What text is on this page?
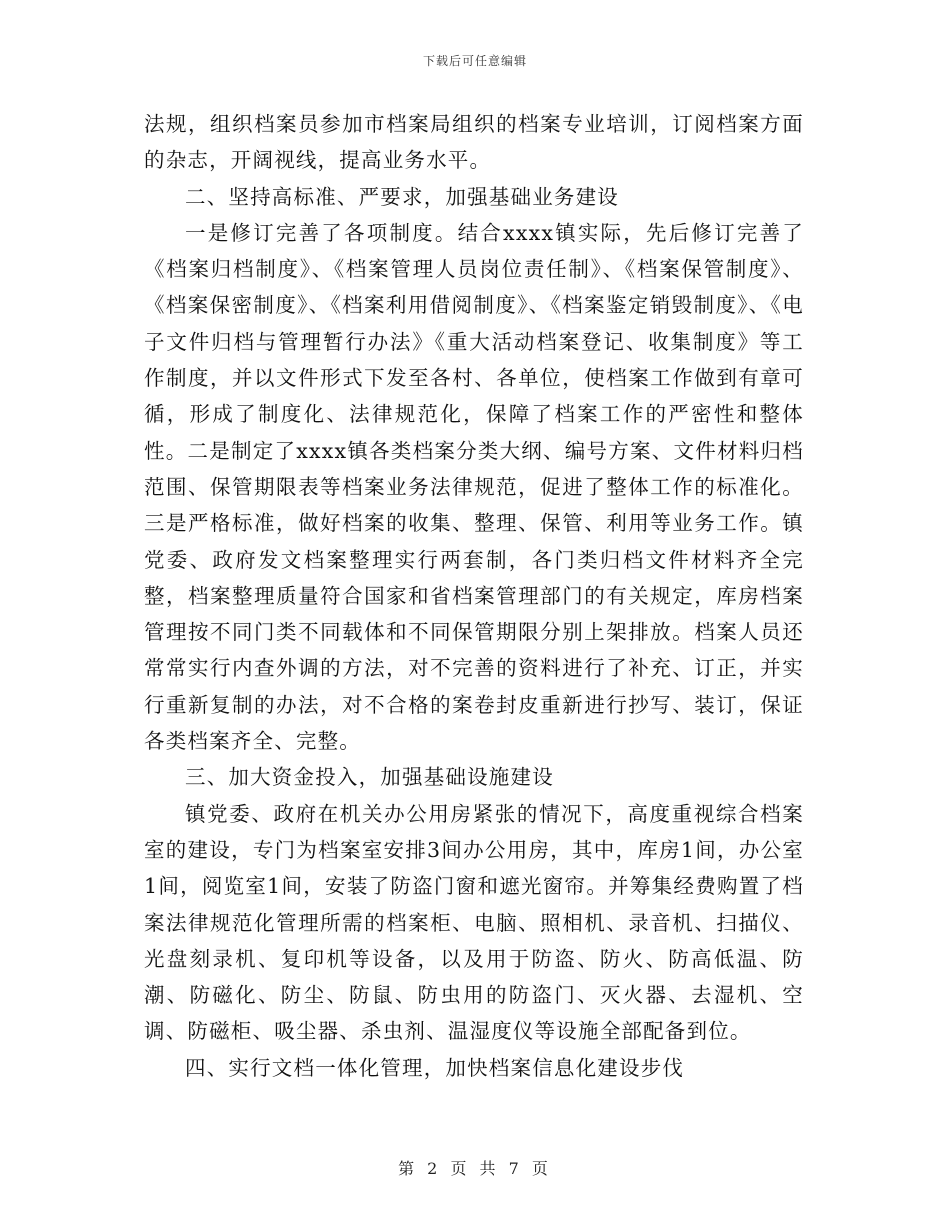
下载后可任意编辑

法规，组织档案员参加市档案局组织的档案专业培训，订阅档案方面的杂志，开阔视线，提高业务水平。

二、坚持高标准、严要求，加强基础业务建设

一是修订完善了各项制度。结合xxxx镇实际，先后修订完善了《档案归档制度》、《档案管理人员岗位责任制》、《档案保管制度》、《档案保密制度》、《档案利用借阅制度》、《档案鉴定销毁制度》、《电子文件归档与管理暂行办法》《重大活动档案登记、收集制度》等工作制度，并以文件形式下发至各村、各单位，使档案工作做到有章可循，形成了制度化、法律规范化，保障了档案工作的严密性和整体性。二是制定了xxxx镇各类档案分类大纲、编号方案、文件材料归档范围、保管期限表等档案业务法律规范，促进了整体工作的标准化。三是严格标准，做好档案的收集、整理、保管、利用等业务工作。镇党委、政府发文档案整理实行两套制，各门类归档文件材料齐全完整，档案整理质量符合国家和省档案管理部门的有关规定，库房档案管理按不同门类不同载体和不同保管期限分别上架排放。档案人员还常常实行内查外调的方法，对不完善的资料进行了补充、订正，并实行重新复制的办法，对不合格的案卷封皮重新进行抄写、装订，保证各类档案齐全、完整。

三、加大资金投入，加强基础设施建设

镇党委、政府在机关办公用房紧张的情况下，高度重视综合档案室的建设，专门为档案室安排3间办公用房，其中，库房1间，办公室1间，阅览室1间，安装了防盗门窗和遮光窗帘。并筹集经费购置了档案法律规范化管理所需的档案柜、电脑、照相机、录音机、扫描仪、光盘刻录机、复印机等设备，以及用于防盗、防火、防高低温、防潮、防磁化、防尘、防鼠、防虫用的防盗门、灭火器、去湿机、空调、防磁柜、吸尘器、杀虫剂、温湿度仪等设施全部配备到位。

四、实行文档一体化管理，加快档案信息化建设步伐

第 2 页 共 7 页
